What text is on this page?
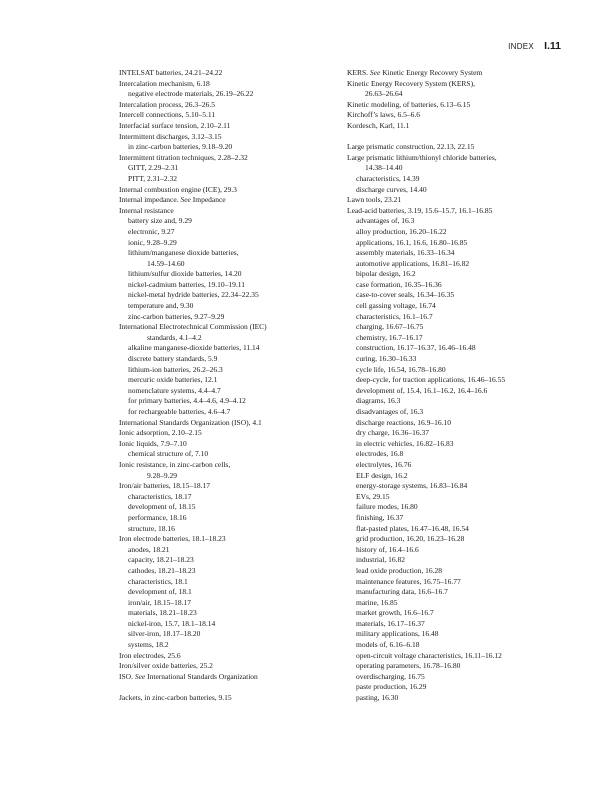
INDEX I.11
INTELSAT batteries, 24.21–24.22
Intercalation mechanism, 6.18
negative electrode materials, 26.19–26.22
Intercalation process, 26.3–26.5
Intercell connections, 5.10–5.11
Interfacial surface tension, 2.10–2.11
Intermittent discharges, 3.12–3.15
in zinc-carbon batteries, 9.18–9.20
Intermittent titration techniques, 2.28–2.32
GITT, 2.29–2.31
PITT, 2.31–2.32
Internal combustion engine (ICE), 29.3
Internal impedance. See Impedance
Internal resistance
battery size and, 9.29
electronic, 9.27
ionic, 9.28–9.29
lithium/manganese dioxide batteries,
14.59–14.60
lithium/sulfur dioxide batteries, 14.20
nickel-cadmium batteries, 19.10–19.11
nickel-metal hydride batteries, 22.34–22.35
temperature and, 9.30
zinc-carbon batteries, 9.27–9.29
International Electrotechnical Commission (IEC)
standards, 4.1–4.2
alkaline manganese-dioxide batteries, 11.14
discrete battery standards, 5.9
lithium-ion batteries, 26.2–26.3
mercuric oxide batteries, 12.1
nomenclature systems, 4.4–4.7
for primary batteries, 4.4–4.6, 4.9–4.12
for rechargeable batteries, 4.6–4.7
International Standards Organization (ISO), 4.1
Ionic adsorption, 2.10–2.15
Ionic liquids, 7.9–7.10
chemical structure of, 7.10
Ionic resistance, in zinc-carbon cells,
9.28–9.29
Iron/air batteries, 18.15–18.17
characteristics, 18.17
development of, 18.15
performance, 18.16
structure, 18.16
Iron electrode batteries, 18.1–18.23
anodes, 18.21
capacity, 18.21–18.23
cathodes, 18.21–18.23
characteristics, 18.1
development of, 18.1
iron/air, 18.15–18.17
materials, 18.21–18.23
nickel-iron, 15.7, 18.1–18.14
silver-iron, 18.17–18.20
systems, 18.2
Iron electrodes, 25.6
Iron/silver oxide batteries, 25.2
ISO. See International Standards Organization
Jackets, in zinc-carbon batteries, 9.15
KERS. See Kinetic Energy Recovery System
Kinetic Energy Recovery System (KERS),
26.63–26.64
Kinetic modeling, of batteries, 6.13–6.15
Kirchoff’s laws, 6.5–6.6
Kordesch, Karl, 11.1
Large prismatic construction, 22.13, 22.15
Large prismatic lithium/thionyl chloride batteries,
14.38–14.40
characteristics, 14.39
discharge curves, 14.40
Lawn tools, 23.21
Lead-acid batteries, 3.19, 15.6–15.7, 16.1–16.85
advantages of, 16.3
alloy production, 16.20–16.22
applications, 16.1, 16.6, 16.80–16.85
assembly materials, 16.33–16.34
automotive applications, 16.81–16.82
bipolar design, 16.2
case formation, 16.35–16.36
case-to-cover seals, 16.34–16.35
cell gassing voltage, 16.74
characteristics, 16.1–16.7
charging, 16.67–16.75
chemistry, 16.7–16.17
construction, 16.17–16.37, 16.46–16.48
curing, 16.30–16.33
cycle life, 16.54, 16.78–16.80
deep-cycle, for traction applications, 16.46–16.55
development of, 15.4, 16.1–16.2, 16.4–16.6
diagrams, 16.3
disadvantages of, 16.3
discharge reactions, 16.9–16.10
dry charge, 16.36–16.37
in electric vehicles, 16.82–16.83
electrodes, 16.8
electrolytes, 16.76
ELF design, 16.2
energy-storage systems, 16.83–16.84
EVs, 29.15
failure modes, 16.80
finishing, 16.37
flat-pasted plates, 16.47–16.48, 16.54
grid production, 16.20, 16.23–16.28
history of, 16.4–16.6
industrial, 16.82
lead oxide production, 16.28
maintenance features, 16.75–16.77
manufacturing data, 16.6–16.7
marine, 16.85
market growth, 16.6–16.7
materials, 16.17–16.37
military applications, 16.48
models of, 6.16–6.18
open-circuit voltage characteristics, 16.11–16.12
operating parameters, 16.78–16.80
overdischarging, 16.75
paste production, 16.29
pasting, 16.30
